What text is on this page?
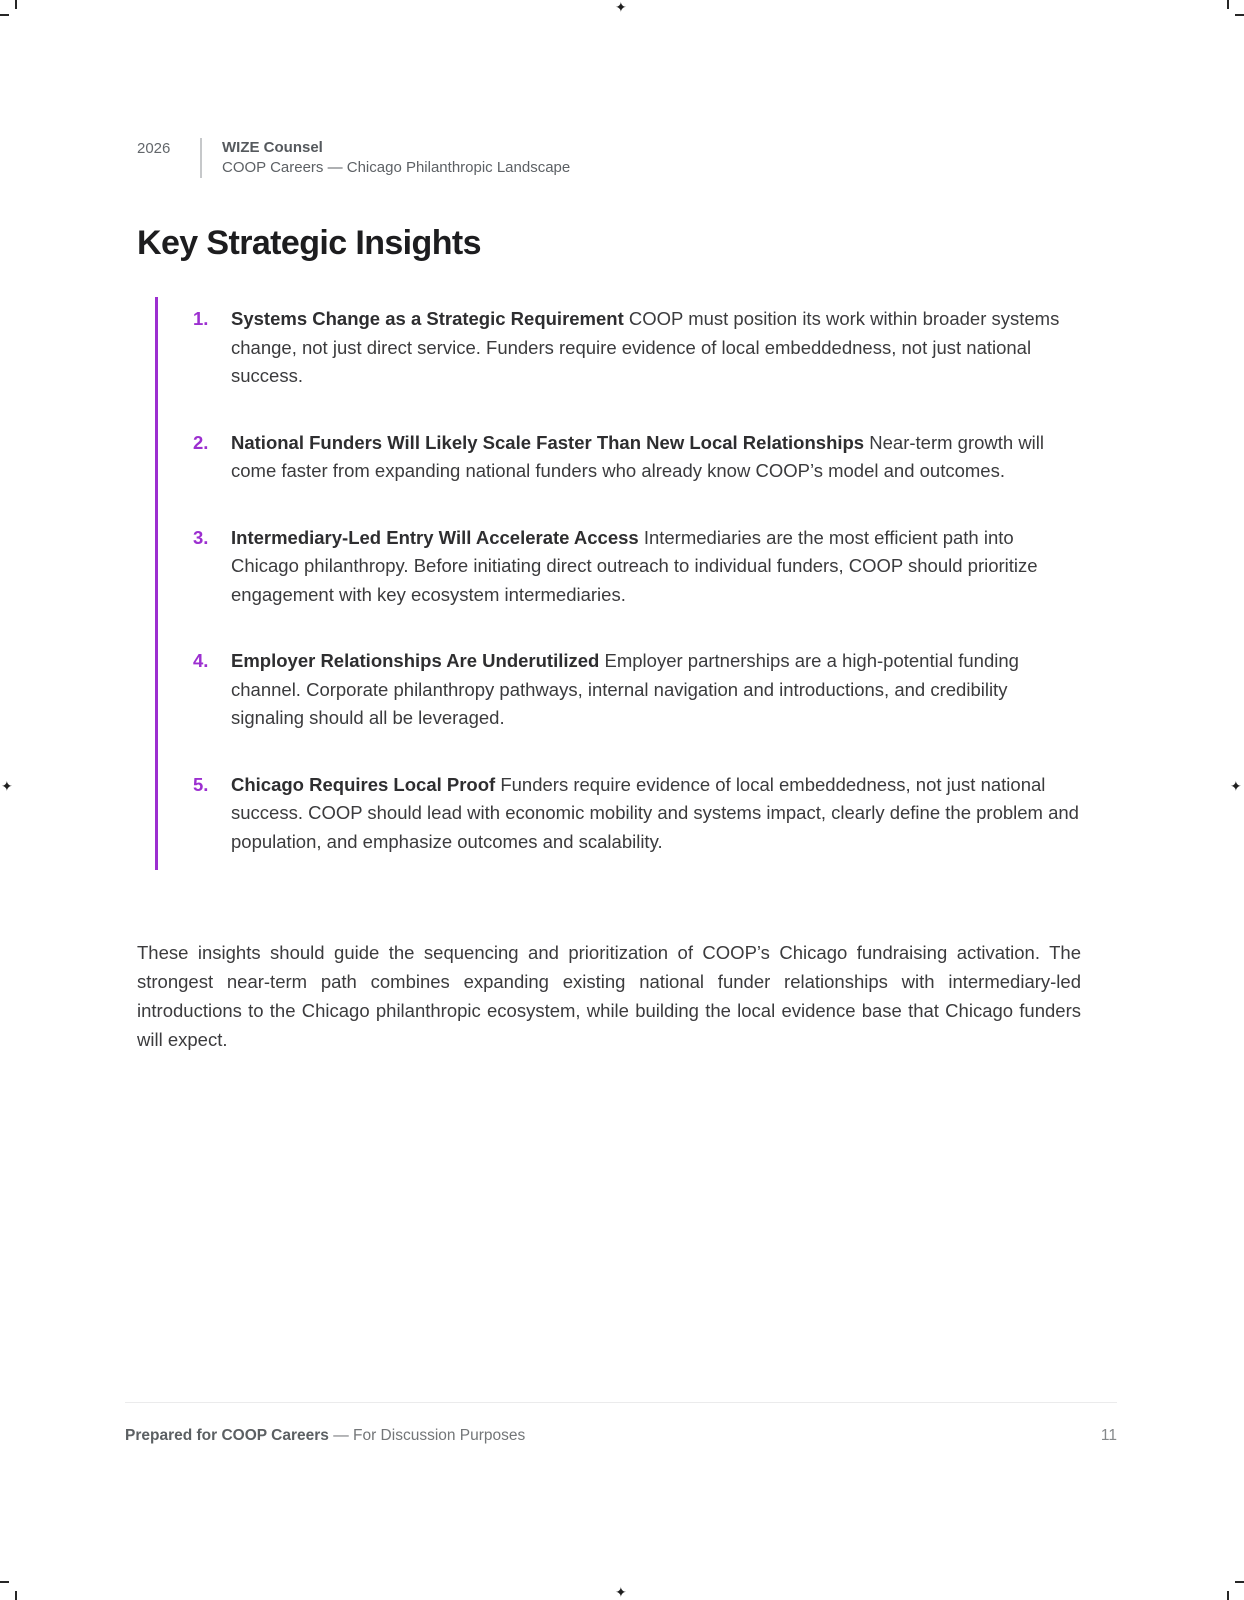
✦
✦	✦
✦
2026	WIZE Counsel
COOP Careers — Chicago Philanthropic Landscape
Key Strategic Insights
1.	Systems Change as a Strategic Requirement COOP must position its work within broader systems change, not just direct service. Funders require evidence of local embeddedness, not just national success.

2.	National Funders Will Likely Scale Faster Than New Local Relationships Near-term growth will come faster from expanding national funders who already know COOP’s model and outcomes.

3.	Intermediary-Led Entry Will Accelerate Access Intermediaries are the most efficient path into Chicago philanthropy. Before initiating direct outreach to individual funders, COOP should prioritize engagement with key ecosystem intermediaries.

4.	Employer Relationships Are Underutilized Employer partnerships are a high-potential funding channel. Corporate philanthropy pathways, internal navigation and introductions, and credibility signaling should all be leveraged.

5.	Chicago Requires Local Proof Funders require evidence of local embeddedness, not just national success. COOP should lead with economic mobility and systems impact, clearly define the problem and population, and emphasize outcomes and scalability.

These insights should guide the sequencing and prioritization of COOP’s Chicago fundraising activation. The strongest near-term path combines expanding existing national funder relationships with intermediary-led introductions to the Chicago philanthropic ecosystem, while building the local evidence base that Chicago funders will expect.

Prepared for COOP Careers — For Discussion Purposes	11
